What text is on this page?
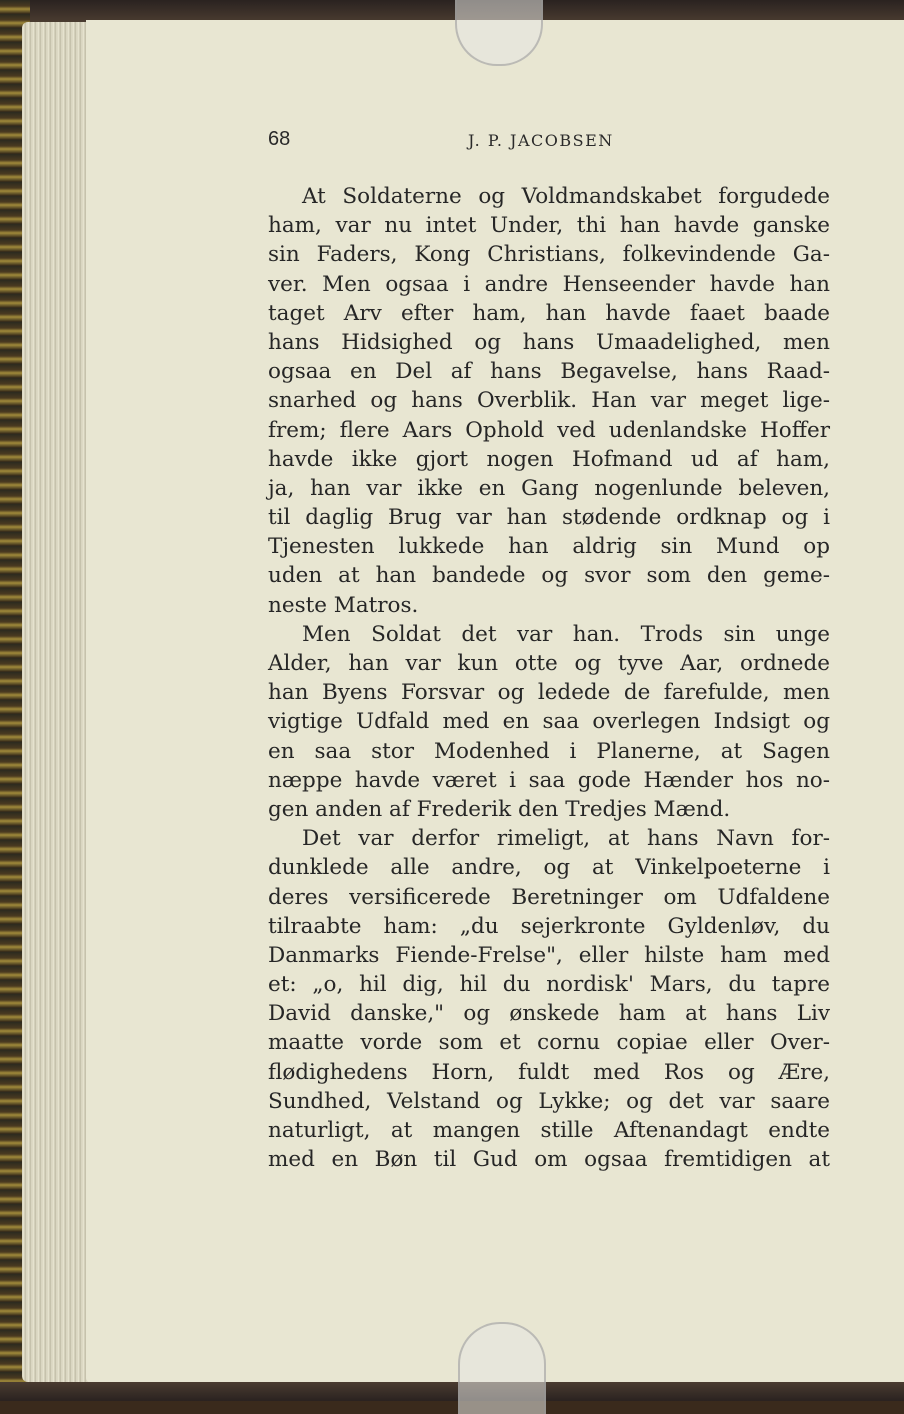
68	J. P. JACOBSEN
At Soldaterne og Voldmandskabet forgudede
ham, var nu intet Under, thi han havde ganske
sin Faders, Kong Christians, folkevindende Ga-
ver. Men ogsaa i andre Henseender havde han
taget Arv efter ham, han havde faaet baade
hans Hidsighed og hans Umaadelighed, men
ogsaa en Del af hans Begavelse, hans Raad-
snarhed og hans Overblik. Han var meget lige-
frem; flere Aars Ophold ved udenlandske Hoffer
havde ikke gjort nogen Hofmand ud af ham,
ja, han var ikke en Gang nogenlunde beleven,
til daglig Brug var han stødende ordknap og i
Tjenesten lukkede han aldrig sin Mund op
uden at han bandede og svor som den geme-
neste Matros.
Men Soldat det var han. Trods sin unge
Alder, han var kun otte og tyve Aar, ordnede
han Byens Forsvar og ledede de farefulde, men
vigtige Udfald med en saa overlegen Indsigt og
en saa stor Modenhed i Planerne, at Sagen
næppe havde været i saa gode Hænder hos no-
gen anden af Frederik den Tredjes Mænd.
Det var derfor rimeligt, at hans Navn for-
dunklede alle andre, og at Vinkelpoeterne i
deres versificerede Beretninger om Udfaldene
tilraabte ham: „du sejerkronte Gyldenløv, du
Danmarks Fiende-Frelse", eller hilste ham med
et: „o, hil dig, hil du nordisk' Mars, du tapre
David danske," og ønskede ham at hans Liv
maatte vorde som et cornu copiae eller Over-
flødighedens Horn, fuldt med Ros og Ære,
Sundhed, Velstand og Lykke; og det var saare
naturligt, at mangen stille Aftenandagt endte
med en Bøn til Gud om ogsaa fremtidigen at
